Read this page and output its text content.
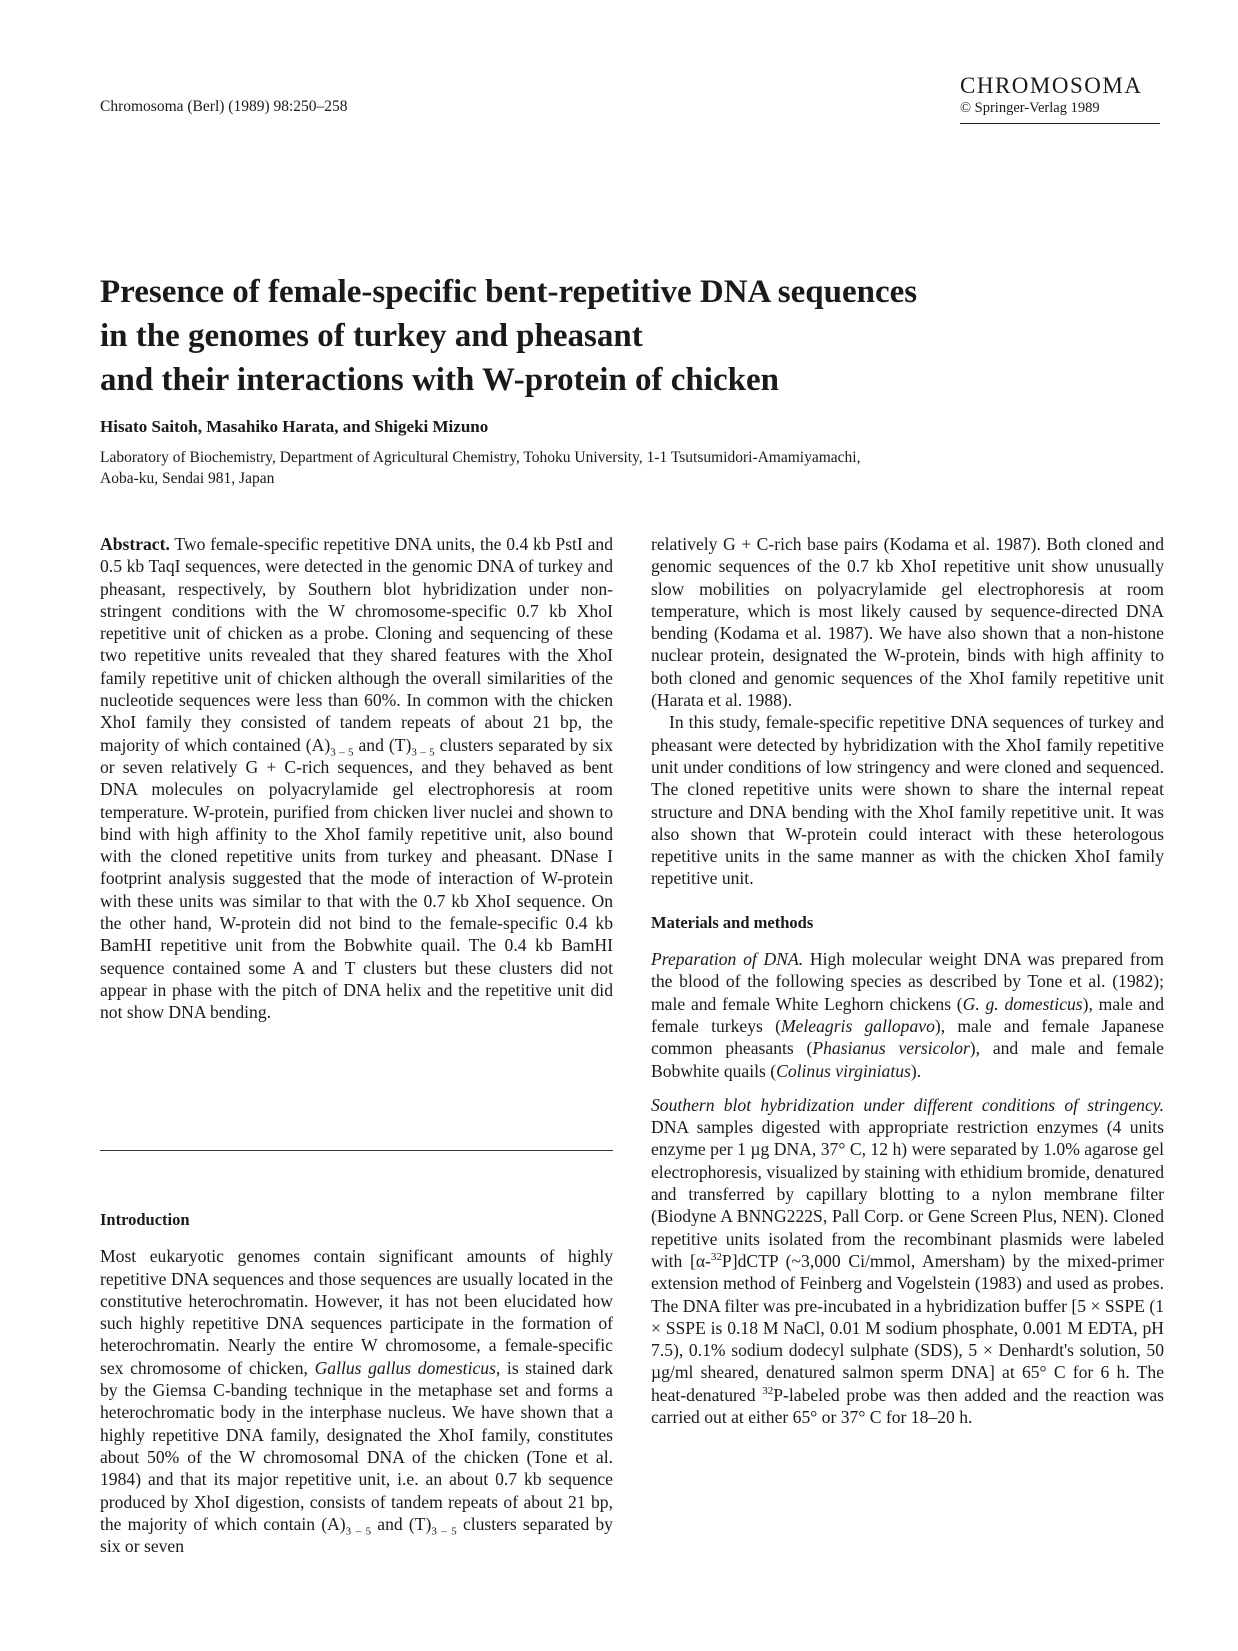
Chromosoma (Berl) (1989) 98:250–258
CHROMOSOMA
© Springer-Verlag 1989
Presence of female-specific bent-repetitive DNA sequences
in the genomes of turkey and pheasant
and their interactions with W-protein of chicken
Hisato Saitoh, Masahiko Harata, and Shigeki Mizuno
Laboratory of Biochemistry, Department of Agricultural Chemistry, Tohoku University, 1-1 Tsutsumidori-Amamiyamachi,
Aoba-ku, Sendai 981, Japan

Abstract. Two female-specific repetitive DNA units, the 0.4 kb PstI and 0.5 kb TaqI sequences, were detected in the genomic DNA of turkey and pheasant, respectively, by Southern blot hybridization under non-stringent conditions with the W chromosome-specific 0.7 kb XhoI repetitive unit of chicken as a probe. Cloning and sequencing of these two repetitive units revealed that they shared features with the XhoI family repetitive unit of chicken although the overall similarities of the nucleotide sequences were less than 60%. In common with the chicken XhoI family they consisted of tandem repeats of about 21 bp, the majority of which contained $(A)_{3 - 5}$ and $(T)_{3 - 5}$ clusters separated by six or seven relatively G + C-rich sequences, and they behaved as bent DNA molecules on polyacrylamide gel electrophoresis at room temperature. W-protein, purified from chicken liver nuclei and shown to bind with high affinity to the XhoI family repetitive unit, also bound with the cloned repetitive units from turkey and pheasant. DNase I footprint analysis suggested that the mode of interaction of W-protein with these units was similar to that with the 0.7 kb XhoI sequence. On the other hand, W-protein did not bind to the female-specific 0.4 kb BamHI repetitive unit from the Bobwhite quail. The 0.4 kb BamHI sequence contained some A and T clusters but these clusters did not appear in phase with the pitch of DNA helix and the repetitive unit did not show DNA bending.

Introduction

Most eukaryotic genomes contain significant amounts of highly repetitive DNA sequences and those sequences are usually located in the constitutive heterochromatin. However, it has not been elucidated how such highly repetitive DNA sequences participate in the formation of heterochromatin. Nearly the entire W chromosome, a female-specific sex chromosome of chicken, Gallus gallus domesticus, is stained dark by the Giemsa C-banding technique in the metaphase set and forms a heterochromatic body in the interphase nucleus. We have shown that a highly repetitive DNA family, designated the XhoI family, constitutes about 50% of the W chromosomal DNA of the chicken (Tone et al. 1984) and that its major repetitive unit, i.e. an about 0.7 kb sequence produced by XhoI digestion, consists of tandem repeats of about 21 bp, the majority of which contain $(A)_{3 - 5}$ and $(T)_{3 - 5}$ clusters separated by six or seven

relatively G + C-rich base pairs (Kodama et al. 1987). Both cloned and genomic sequences of the 0.7 kb XhoI repetitive unit show unusually slow mobilities on polyacrylamide gel electrophoresis at room temperature, which is most likely caused by sequence-directed DNA bending (Kodama et al. 1987). We have also shown that a non-histone nuclear protein, designated the W-protein, binds with high affinity to both cloned and genomic sequences of the XhoI family repetitive unit (Harata et al. 1988).

In this study, female-specific repetitive DNA sequences of turkey and pheasant were detected by hybridization with the XhoI family repetitive unit under conditions of low stringency and were cloned and sequenced. The cloned repetitive units were shown to share the internal repeat structure and DNA bending with the XhoI family repetitive unit. It was also shown that W-protein could interact with these heterologous repetitive units in the same manner as with the chicken XhoI family repetitive unit.

Materials and methods

Preparation of DNA. High molecular weight DNA was prepared from the blood of the following species as described by Tone et al. (1982); male and female White Leghorn chickens (G. g. domesticus), male and female turkeys (Meleagris gallopavo), male and female Japanese common pheasants (Phasianus versicolor), and male and female Bobwhite quails (Colinus virginiatus).

Southern blot hybridization under different conditions of stringency. DNA samples digested with appropriate restriction enzymes (4 units enzyme per 1 µg DNA, 37° C, 12 h) were separated by 1.0% agarose gel electrophoresis, visualized by staining with ethidium bromide, denatured and transferred by capillary blotting to a nylon membrane filter (Biodyne A BNNG222S, Pall Corp. or Gene Screen Plus, NEN). Cloned repetitive units isolated from the recombinant plasmids were labeled with [α-$^{32}$P]dCTP (~3,000 Ci/mmol, Amersham) by the mixed-primer extension method of Feinberg and Vogelstein (1983) and used as probes. The DNA filter was pre-incubated in a hybridization buffer [5 × SSPE (1 × SSPE is 0.18 M NaCl, 0.01 M sodium phosphate, 0.001 M EDTA, pH 7.5), 0.1% sodium dodecyl sulphate (SDS), 5 × Denhardt's solution, 50 µg/ml sheared, denatured salmon sperm DNA] at 65° C for 6 h. The heat-denatured $^{32}$P-labeled probe was then added and the reaction was carried out at either 65° or 37° C for 18–20 h.
